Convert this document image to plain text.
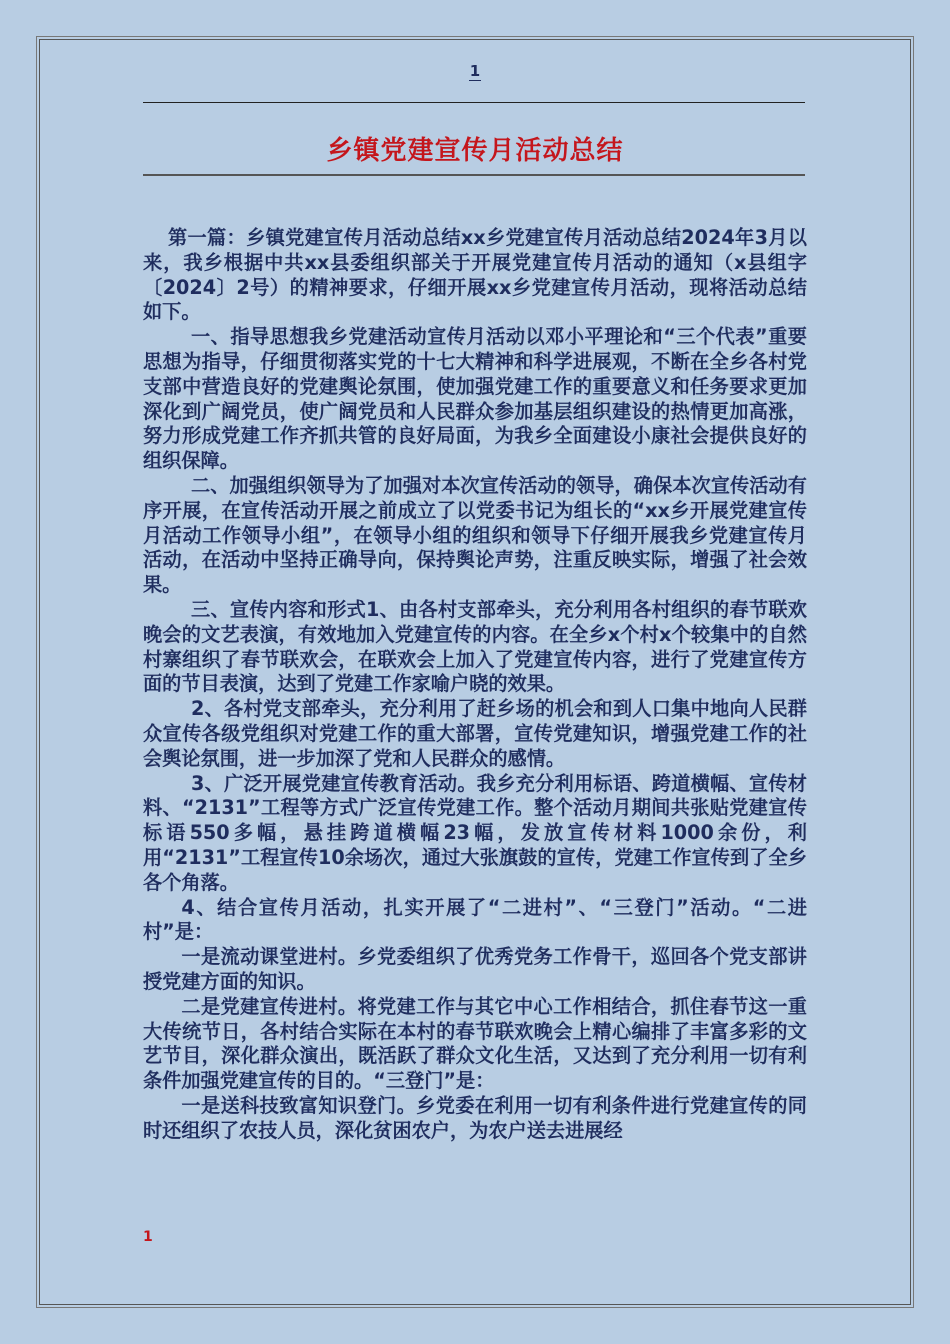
1
乡镇党建宣传月活动总结

第一篇：乡镇党建宣传月活动总结xx乡党建宣传月活动总结2024年3月以来，我乡根据中共xx县委组织部关于开展党建宣传月活动的通知（x县组字〔2024〕2号）的精神要求，仔细开展xx乡党建宣传月活动，现将活动总结如下。

一、指导思想我乡党建活动宣传月活动以邓小平理论和“三个代表”重要思想为指导，仔细贯彻落实党的十七大精神和科学进展观，不断在全乡各村党支部中营造良好的党建舆论氛围，使加强党建工作的重要意义和任务要求更加深化到广阔党员，使广阔党员和人民群众参加基层组织建设的热情更加高涨，努力形成党建工作齐抓共管的良好局面，为我乡全面建设小康社会提供良好的组织保障。

二、加强组织领导为了加强对本次宣传活动的领导，确保本次宣传活动有序开展，在宣传活动开展之前成立了以党委书记为组长的“xx乡开展党建宣传月活动工作领导小组”，在领导小组的组织和领导下仔细开展我乡党建宣传月活动，在活动中坚持正确导向，保持舆论声势，注重反映实际，增强了社会效果。

三、宣传内容和形式1、由各村支部牵头，充分利用各村组织的春节联欢晚会的文艺表演，有效地加入党建宣传的内容。在全乡x个村x个较集中的自然村寨组织了春节联欢会，在联欢会上加入了党建宣传内容，进行了党建宣传方面的节目表演，达到了党建工作家喻户晓的效果。

2、各村党支部牵头，充分利用了赶乡场的机会和到人口集中地向人民群众宣传各级党组织对党建工作的重大部署，宣传党建知识，增强党建工作的社会舆论氛围，进一步加深了党和人民群众的感情。

3、广泛开展党建宣传教育活动。我乡充分利用标语、跨道横幅、宣传材料、“2131”工程等方式广泛宣传党建工作。整个活动月期间共张贴党建宣传标语550多幅，悬挂跨道横幅23幅，发放宣传材料1000余份，利用“2131”工程宣传10余场次，通过大张旗鼓的宣传，党建工作宣传到了全乡各个角落。

4、结合宣传月活动，扎实开展了“二进村”、“三登门”活动。“二进村”是：

一是流动课堂进村。乡党委组织了优秀党务工作骨干，巡回各个党支部讲授党建方面的知识。

二是党建宣传进村。将党建工作与其它中心工作相结合，抓住春节这一重大传统节日，各村结合实际在本村的春节联欢晚会上精心编排了丰富多彩的文艺节目，深化群众演出，既活跃了群众文化生活，又达到了充分利用一切有利条件加强党建宣传的目的。“三登门”是：

一是送科技致富知识登门。乡党委在利用一切有利条件进行党建宣传的同时还组织了农技人员，深化贫困农户，为农户送去进展经

1
